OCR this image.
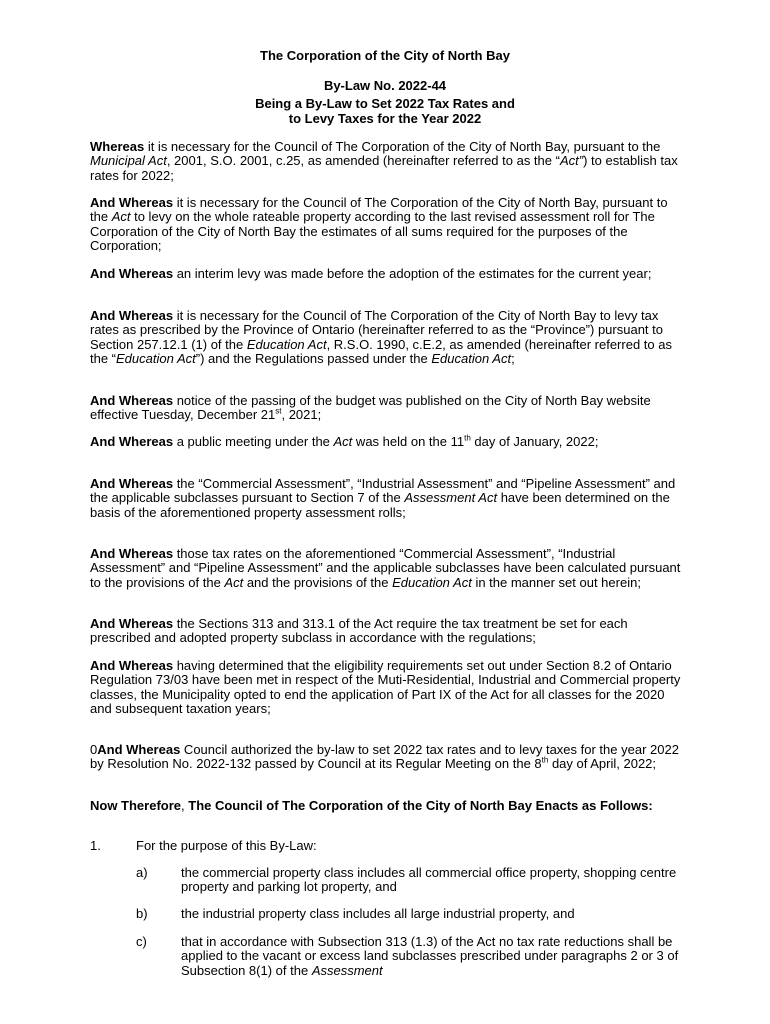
The Corporation of the City of North Bay
By-Law No. 2022-44
Being a By-Law to Set 2022 Tax Rates and
to Levy Taxes for the Year 2022
Whereas it is necessary for the Council of The Corporation of the City of North Bay, pursuant to the Municipal Act, 2001, S.O. 2001, c.25, as amended (hereinafter referred to as the “Act”) to establish tax rates for 2022;
And Whereas it is necessary for the Council of The Corporation of the City of North Bay, pursuant to the Act to levy on the whole rateable property according to the last revised assessment roll for The Corporation of the City of North Bay the estimates of all sums required for the purposes of the Corporation;
And Whereas an interim levy was made before the adoption of the estimates for the current year;
And Whereas it is necessary for the Council of The Corporation of the City of North Bay to levy tax rates as prescribed by the Province of Ontario (hereinafter referred to as the “Province”) pursuant to Section 257.12.1 (1) of the Education Act, R.S.O. 1990, c.E.2, as amended (hereinafter referred to as the “Education Act”) and the Regulations passed under the Education Act;
And Whereas notice of the passing of the budget was published on the City of North Bay website effective Tuesday, December 21st, 2021;
And Whereas a public meeting under the Act was held on the 11th day of January, 2022;
And Whereas the “Commercial Assessment”, “Industrial Assessment” and “Pipeline Assessment” and the applicable subclasses pursuant to Section 7 of the Assessment Act have been determined on the basis of the aforementioned property assessment rolls;
And Whereas those tax rates on the aforementioned “Commercial Assessment”, “Industrial Assessment” and “Pipeline Assessment” and the applicable subclasses have been calculated pursuant to the provisions of the Act and the provisions of the Education Act in the manner set out herein;
And Whereas the Sections 313 and 313.1 of the Act require the tax treatment be set for each prescribed and adopted property subclass in accordance with the regulations;
And Whereas having determined that the eligibility requirements set out under Section 8.2 of Ontario Regulation 73/03 have been met in respect of the Muti-Residential, Industrial and Commercial property classes, the Municipality opted to end the application of Part IX of the Act for all classes for the 2020 and subsequent taxation years;
0And Whereas Council authorized the by-law to set 2022 tax rates and to levy taxes for the year 2022 by Resolution No. 2022-132 passed by Council at its Regular Meeting on the 8th day of April, 2022;
Now Therefore, The Council of The Corporation of the City of North Bay Enacts as Follows:
1.	For the purpose of this By-Law:
a)	the commercial property class includes all commercial office property, shopping centre property and parking lot property, and
b)	the industrial property class includes all large industrial property, and
c)	that in accordance with Subsection 313 (1.3) of the Act no tax rate reductions shall be applied to the vacant or excess land subclasses prescribed under paragraphs 2 or 3 of Subsection 8(1) of the Assessment
